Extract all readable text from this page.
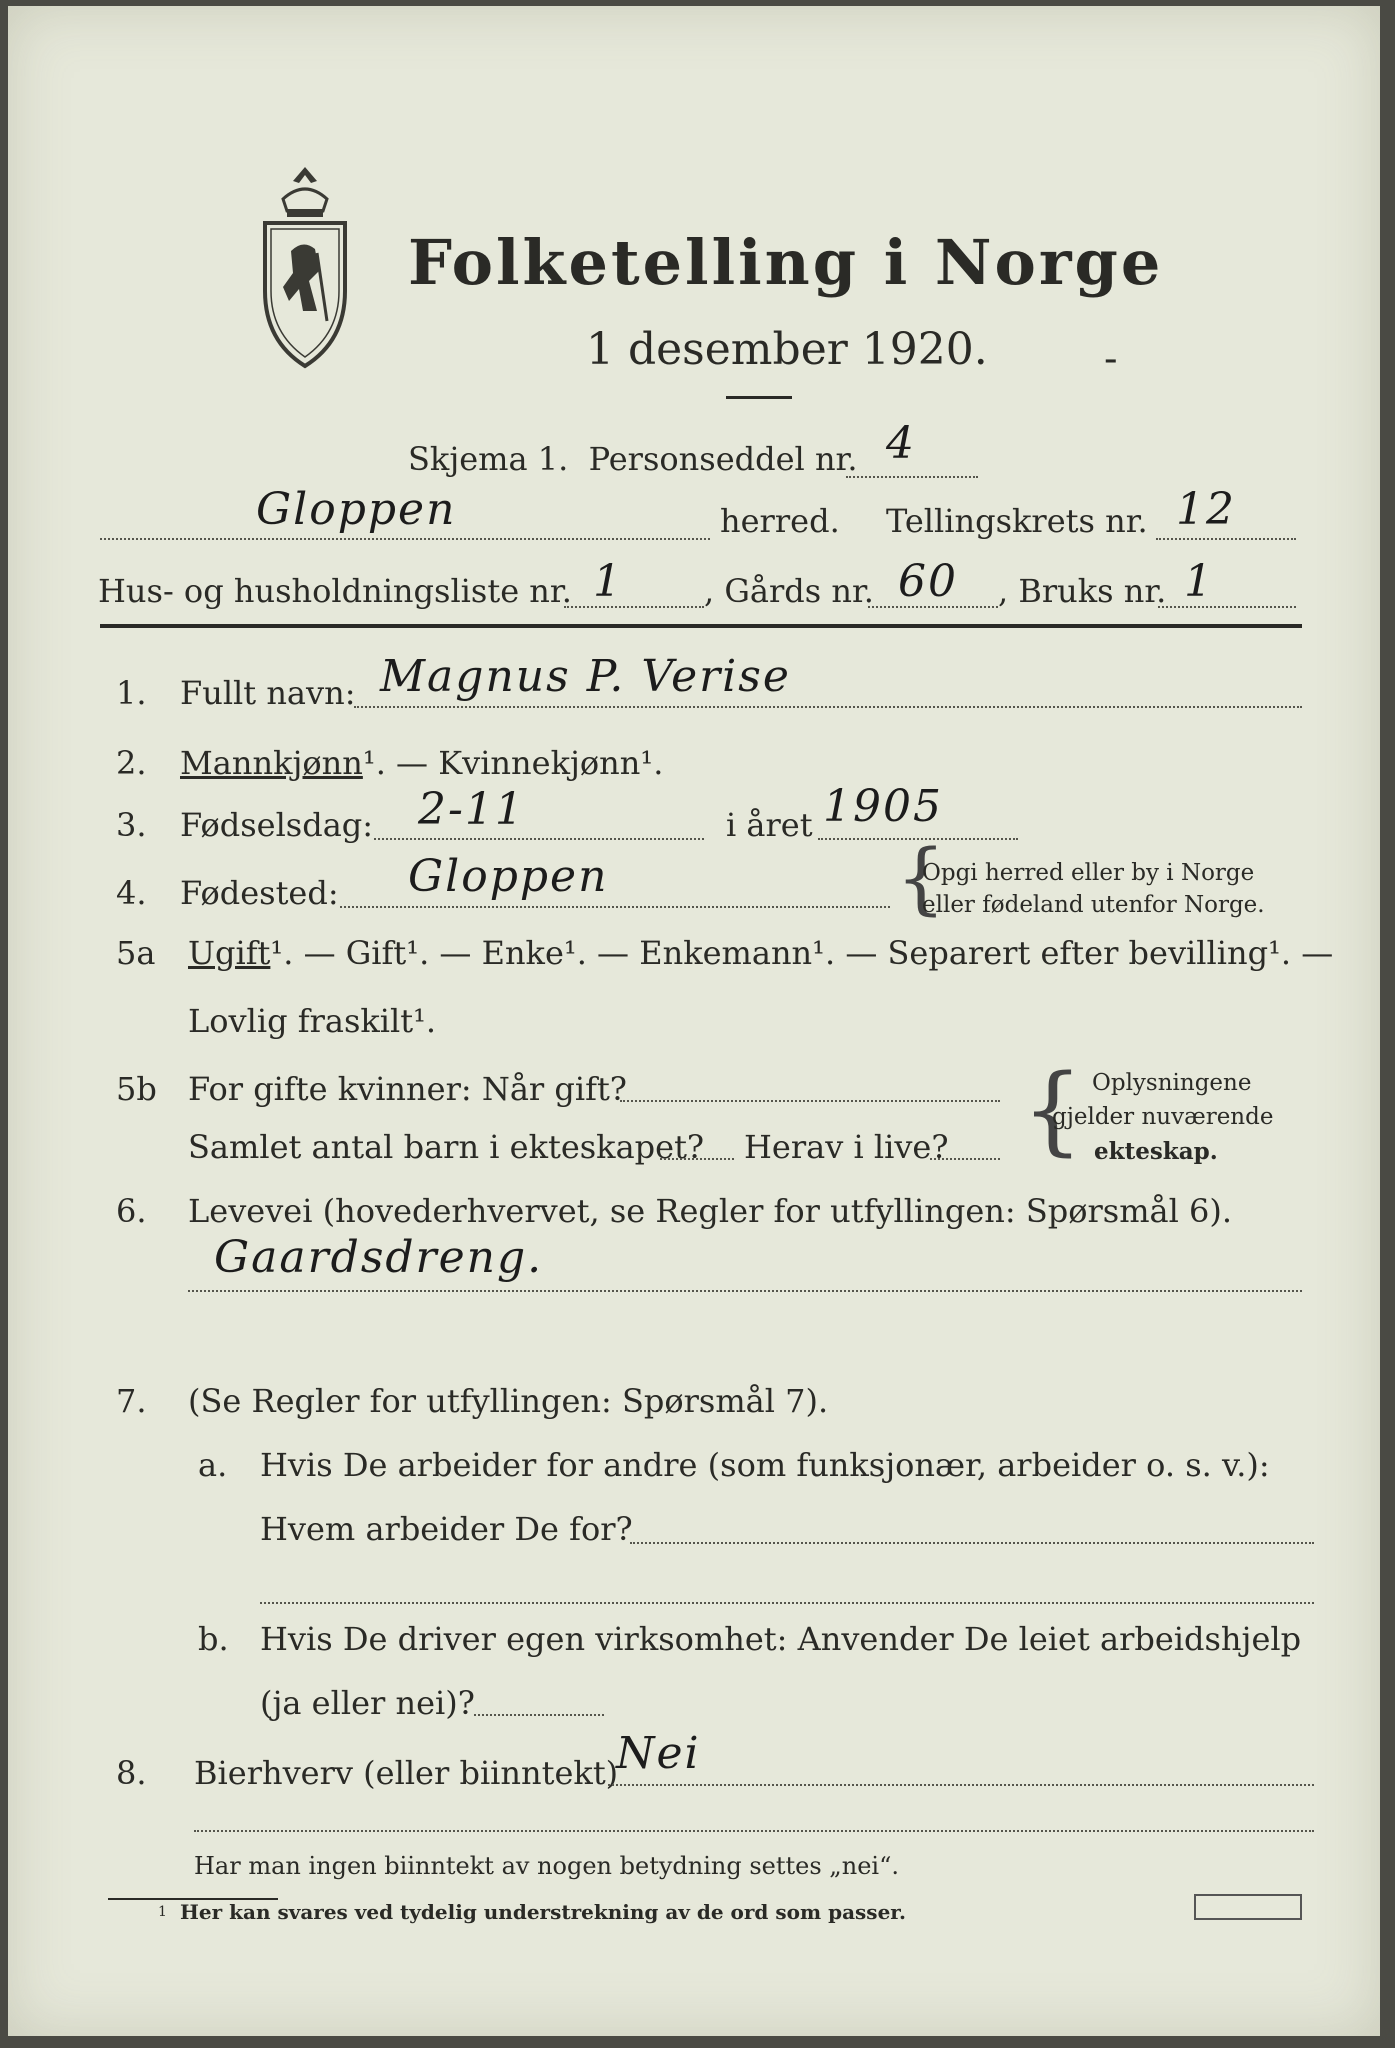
Folketelling i Norge
1 desember 1920.	-
Skjema 1. Personseddel nr. 4
Gloppen	herred. Tellingskrets nr. 12
Hus- og husholdningsliste nr. 1	, Gårds nr. 60 , Bruks nr. 1
1. Fullt navn: Magnus P. Verise
2. Mannkjønn¹. — Kvinnekjønn¹.
3. Fødselsdag: 2-11	i året 1905
4. Fødested: Gloppen	{
Opgi herred eller by i Norge
eller fødeland utenfor Norge.
5a Ugift¹. — Gift¹. — Enke¹. — Enkemann¹. — Separert efter bevilling¹. —
Lovlig fraskilt¹.
5b For gifte kvinner: Når gift?
Samlet antal barn i ekteskapet? Herav i live? { Oplysningene
gjelder nuværende
ekteskap.
6. Levevei (hovederhvervet, se Regler for utfyllingen: Spørsmål 6).
Gaardsdreng.
7. (Se Regler for utfyllingen: Spørsmål 7).
a. Hvis De arbeider for andre (som funksjonær, arbeider o. s. v.):
Hvem arbeider De for?
b. Hvis De driver egen virksomhet: Anvender De leiet arbeidshjelp
(ja eller nei)?
8. Bierhverv (eller biinntekt)
Nei
Har man ingen biinntekt av nogen betydning settes „nei“.
1 Her kan svares ved tydelig understrekning av de ord som passer.
